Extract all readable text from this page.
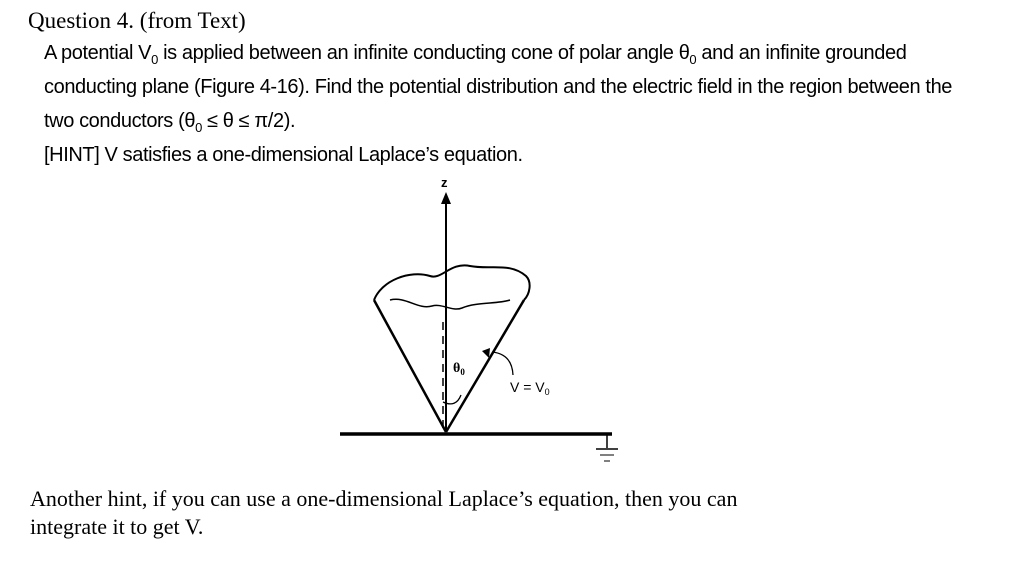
Question 4. (from Text)

A potential $V_0$ is applied between an infinite conducting cone of polar angle $\theta_0$ and an infinite grounded

conducting plane (Figure 4-16). Find the potential distribution and the electric field in the region between the

two conductors $(\theta_0 \le \theta \le \pi/2)$.

[HINT] V satisfies a one-dimensional Laplace’s equation.

z
$\theta_0$
$V = V_0$

Another hint, if you can use a one-dimensional Laplace’s equation, then you can

integrate it to get V.
